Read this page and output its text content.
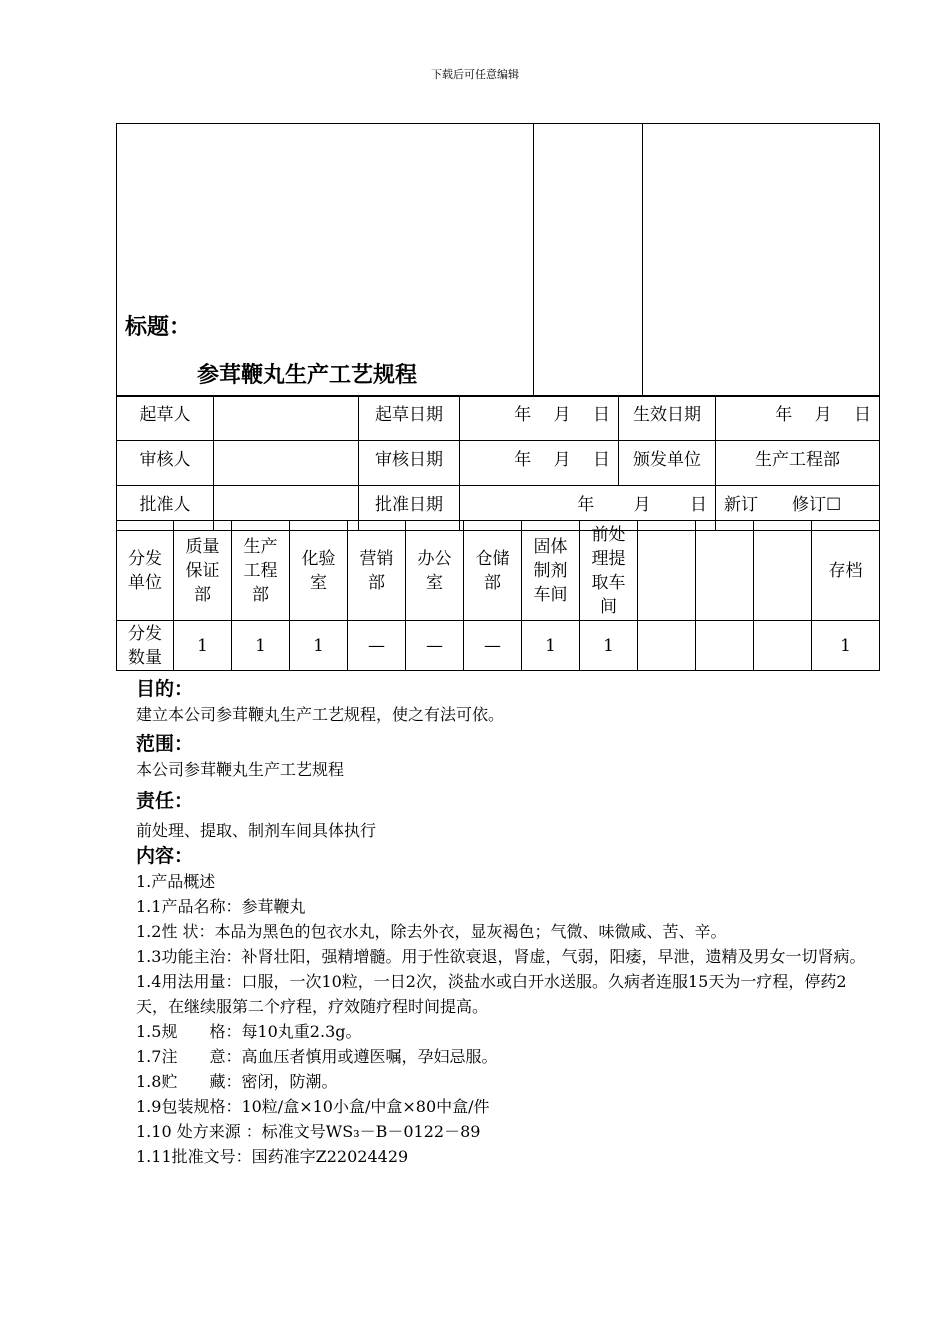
下载后可任意编辑
标题：
参茸鞭丸生产工艺规程

起草人		起草日期	年　 月　 日	生效日期	年　 月　 日
审核人		审核日期	年　 月　 日	颁发单位	生产工程部
批准人		批准日期	年　 　月　 　日		新订　　修订☐
分发单位	质量保证部	生产工程部	化验室	营销部	办公室	仓储部	固体制剂车间	前处理提取车间				存档

分发数量	1	1	1	—	—	—	1	1				1
目的：
建立本公司参茸鞭丸生产工艺规程，使之有法可依。
范围：
本公司参茸鞭丸生产工艺规程
责任：
前处理、提取、制剂车间具体执行
内容：
1.产品概述
1.1产品名称：参茸鞭丸
1.2性 状：本品为黑色的包衣水丸，除去外衣，显灰褐色；气微、味微咸、苦、辛。
1.3功能主治：补肾壮阳，强精增髓。用于性欲衰退，肾虚，气弱，阳痿，早泄，遗精及男女一切肾病。
1.4用法用量：口服，一次10粒，一日2次，淡盐水或白开水送服。久病者连服15天为一疗程，停药2天，在继续服第二个疗程，疗效随疗程时间提高。
1.5规　　格：每10丸重2.3g。
1.7注　　意：高血压者慎用或遵医嘱，孕妇忌服。
1.8贮　　藏：密闭，防潮。
1.9包装规格：10粒/盒×10小盒/中盒×80中盒/件
1.10 处方来源 ：标准文号WS₃－B－0122－89
1.11批准文号：国药准字Z22024429
